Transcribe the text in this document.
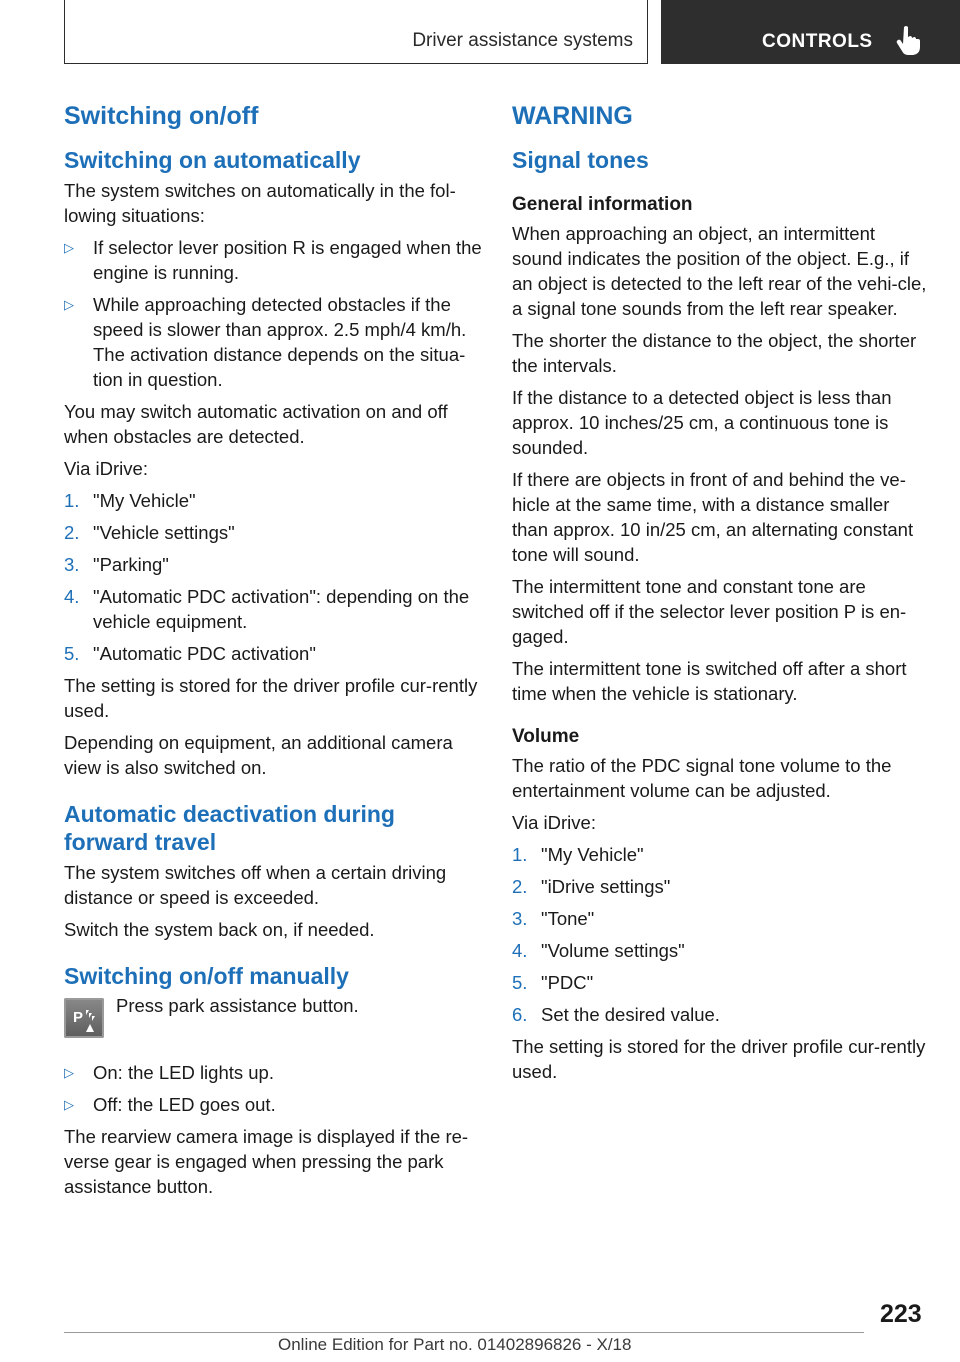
Driver assistance systems	CONTROLS
Switching on/off
Switching on automatically

The system switches on automatically in the fol‐lowing situations:

▷ If selector lever position R is engaged when the engine is running.
▷ While approaching detected obstacles if the speed is slower than approx. 2.5 mph/4 km/h. The activation distance depends on the situa‐tion in question.

You may switch automatic activation on and off when obstacles are detected.

Via iDrive:

1. "My Vehicle"
2. "Vehicle settings"
3. "Parking"
4. "Automatic PDC activation": depending on the vehicle equipment.
5. "Automatic PDC activation"

The setting is stored for the driver profile cur‐rently used.

Depending on equipment, an additional camera view is also switched on.

Automatic deactivation during forward travel

The system switches off when a certain driving distance or speed is exceeded.

Switch the system back on, if needed.

Switching on/off manually
P

Press park assistance button.

▷ On: the LED lights up.
▷ Off: the LED goes out.

The rearview camera image is displayed if the re‐verse gear is engaged when pressing the park assistance button.

WARNING
Signal tones
General information

When approaching an object, an intermittent sound indicates the position of the object. E.g., if an object is detected to the left rear of the vehi‐cle, a signal tone sounds from the left rear speaker.

The shorter the distance to the object, the shorter the intervals.

If the distance to a detected object is less than approx. 10 inches/25 cm, a continuous tone is sounded.

If there are objects in front of and behind the ve‐hicle at the same time, with a distance smaller than approx. 10 in/25 cm, an alternating constant tone will sound.

The intermittent tone and constant tone are switched off if the selector lever position P is en‐gaged.

The intermittent tone is switched off after a short time when the vehicle is stationary.

Volume

The ratio of the PDC signal tone volume to the entertainment volume can be adjusted.

Via iDrive:

1. "My Vehicle"
2. "iDrive settings"
3. "Tone"
4. "Volume settings"
5. "PDC"
6. Set the desired value.

The setting is stored for the driver profile cur‐rently used.

223
Online Edition for Part no. 01402896826 - X/18
